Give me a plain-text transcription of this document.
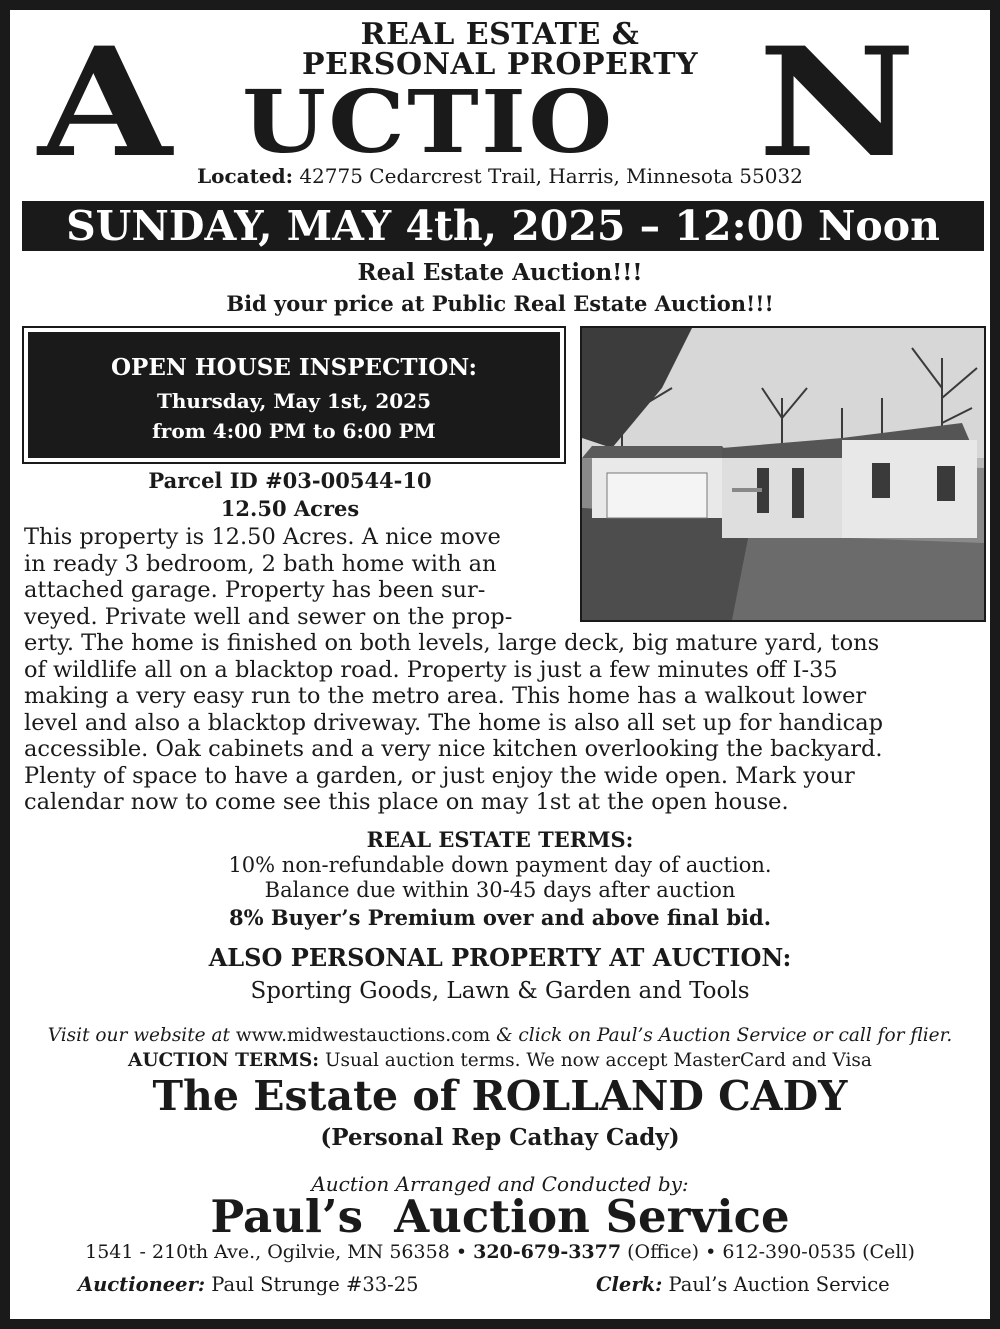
REAL ESTATE &
PERSONAL PROPERTY
A UCTIO N
Located: 42775 Cedarcrest Trail, Harris, Minnesota 55032
SUNDAY, MAY 4th, 2025 – 12:00 Noon
Real Estate Auction!!!
Bid your price at Public Real Estate Auction!!!
OPEN HOUSE INSPECTION:
Thursday, May 1st, 2025
from 4:00 PM to 6:00 PM
Parcel ID #03-00544-10
12.50 Acres
This property is 12.50 Acres. A nice move
in ready 3 bedroom, 2 bath home with an
attached garage. Property has been sur-
veyed. Private well and sewer on the prop-
erty. The home is finished on both levels, large deck, big mature yard, tons
of wildlife all on a blacktop road. Property is just a few minutes off I-35
making a very easy run to the metro area. This home has a walkout lower
level and also a blacktop driveway. The home is also all set up for handicap
accessible. Oak cabinets and a very nice kitchen overlooking the backyard.
Plenty of space to have a garden, or just enjoy the wide open. Mark your
calendar now to come see this place on may 1st at the open house.
REAL ESTATE TERMS:
10% non-refundable down payment day of auction.
Balance due within 30-45 days after auction
8% Buyer’s Premium over and above final bid.
ALSO PERSONAL PROPERTY AT AUCTION:
Sporting Goods, Lawn & Garden and Tools
Visit our website at www.midwestauctions.com & click on Paul’s Auction Service or call for flier.
AUCTION TERMS: Usual auction terms. We now accept MasterCard and Visa
The Estate of ROLLAND CADY
(Personal Rep Cathay Cady)
Auction Arranged and Conducted by:
Paul’s  Auction Service
1541 - 210th Ave., Ogilvie, MN 56358 • 320-679-3377 (Office) • 612-390-0535 (Cell)
Auctioneer: Paul Strunge #33-25	Clerk: Paul’s Auction Service
